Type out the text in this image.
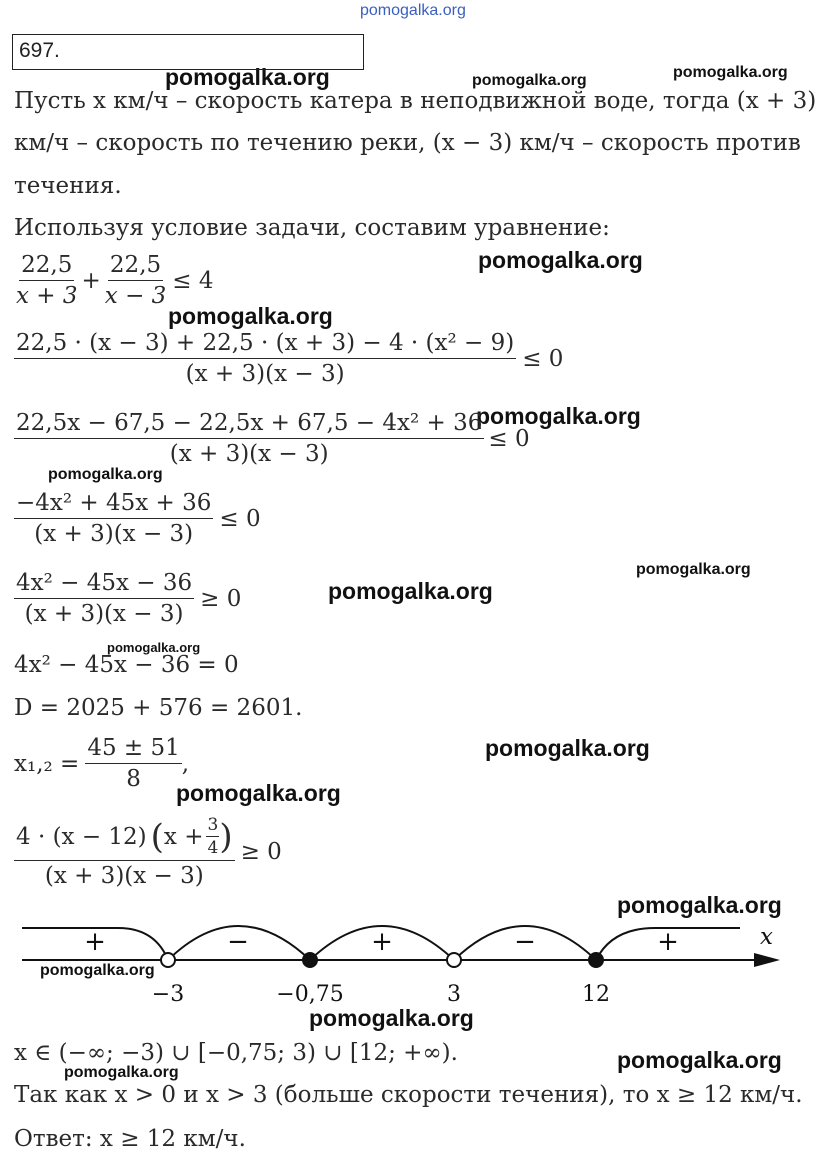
pomogalka.org
pomogalka.org	pomogalka.org	pomogalka.org
pomogalka.org
pomogalka.org
pomogalka.org
pomogalka.org
pomogalka.org
pomogalka.org
pomogalka.org
pomogalka.org
pomogalka.org
pomogalka.org
pomogalka.org
pomogalka.org
pomogalka.org
pomogalka.org
697.
Пусть x км/ч – скорость катера в неподвижной воде, тогда (x + 3)
км/ч – скорость по течению реки, (x − 3) км/ч – скорость против
течения.
Используя условие задачи, составим уравнение:
$\frac{22,5}{x + 3} + \frac{22,5}{x - 3} \le 4$
$\frac{\text{22,5 · (x − 3) + 22,5 · (x + 3) − 4 · (x² − 9)}}{(x + 3)(x - 3)} \le 0$
$\frac{\text{22,5x − 67,5 − 22,5x + 67,5 − 4x² + 36}}{(x + 3)(x - 3)} \le 0$
$\frac{\text{−4x² + 45x + 36}}{(x + 3)(x - 3)} \le 0$
$\frac{\text{4x² − 45x − 36}}{(x + 3)(x - 3)} \ge 0$
4x² − 45x − 36 = 0
D = 2025 + 576 = 2601.
$x_1,_2 = \frac{45 \pm 51}{8}$ ,
4 · (x − 12) ( $x + \frac{3}{4}$ )
(x + 3)(x − 3)
≥ 0
x
+	−	+	−	+
−3	−0,75	3	12
x ∈ (−∞; −3) ∪ [−0,75; 3) ∪ [12; +∞).
Так как x > 0 и x > 3 (больше скорости течения), то x ≥ 12 км/ч.
Ответ: x ≥ 12 км/ч.
